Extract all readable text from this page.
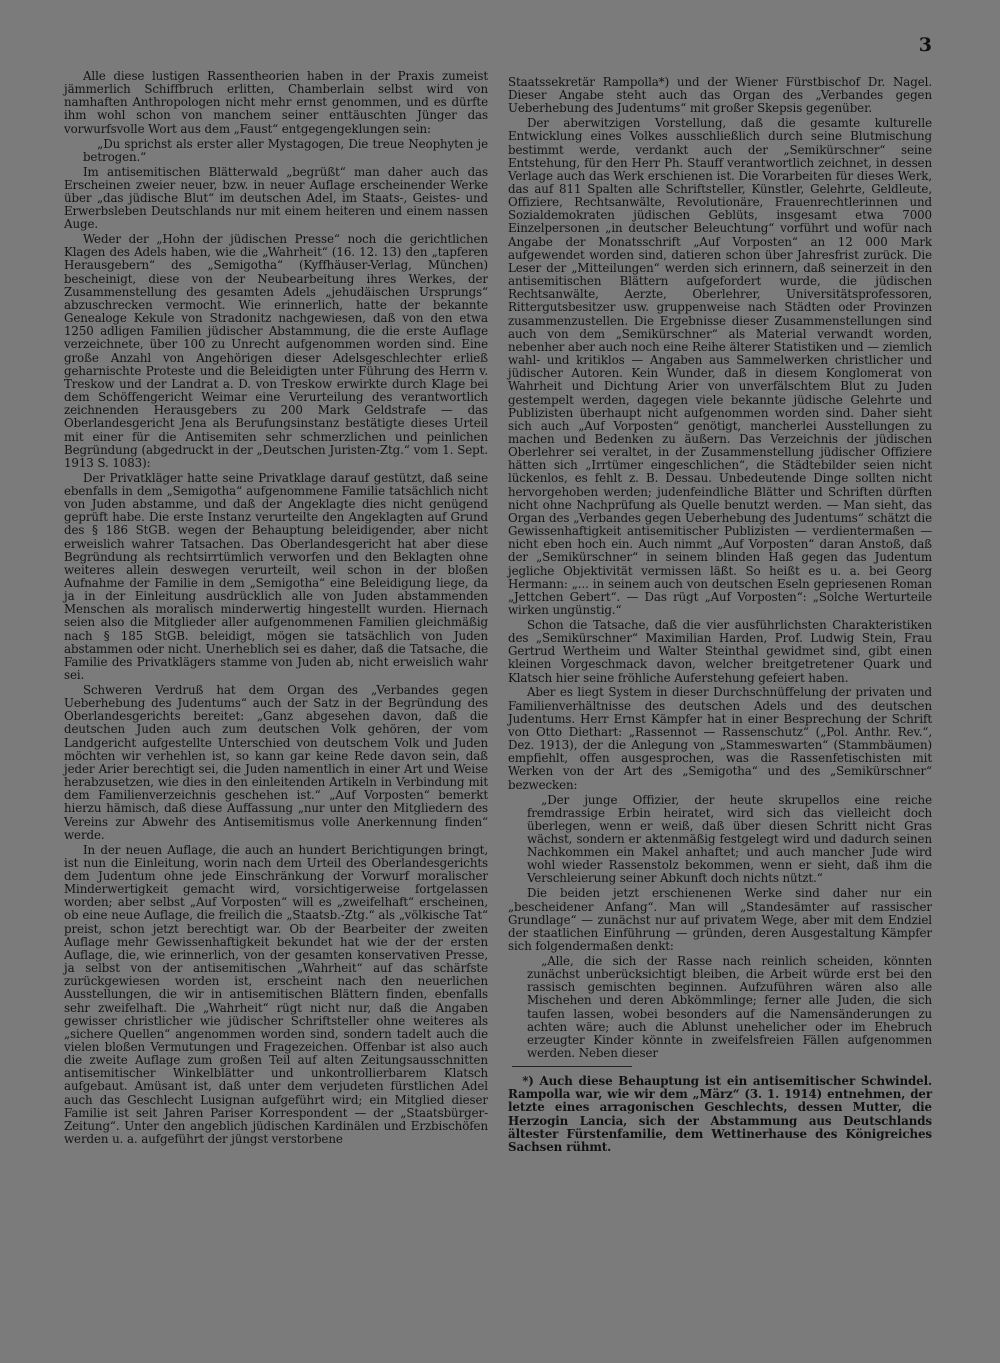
3

Alle diese lustigen Rassentheorien haben in der Praxis zumeist jämmerlich Schiffbruch erlitten, Chamberlain selbst wird von namhaften Anthropologen nicht mehr ernst genommen, und es dürfte ihm wohl schon von manchem seiner enttäuschten Jünger das vorwurfsvolle Wort aus dem „Faust“ entgegengeklungen sein:

„Du sprichst als erster aller Mystagogen, Die treue Neophyten je betrogen.“

Im antisemitischen Blätterwald „begrüßt“ man daher auch das Erscheinen zweier neuer, bzw. in neuer Auflage erscheinender Werke über „das jüdische Blut“ im deutschen Adel, im Staats-, Geistes- und Erwerbsleben Deutschlands nur mit einem heiteren und einem nassen Auge.

Weder der „Hohn der jüdischen Presse“ noch die gerichtlichen Klagen des Adels haben, wie die „Wahrheit“ (16. 12. 13) den „tapferen Herausgebern“ des „Semigotha“ (Kyffhäuser-Verlag, München) bescheinigt, diese von der Neubearbeitung ihres Werkes, der Zusammenstellung des gesamten Adels „jehudäischen Ursprungs“ abzuschrecken vermocht. Wie erinnerlich, hatte der bekannte Genealoge Kekule von Stradonitz nachgewiesen, daß von den etwa 1250 adligen Familien jüdischer Abstammung, die die erste Auflage verzeichnete, über 100 zu Unrecht aufgenommen worden sind. Eine große Anzahl von Angehörigen dieser Adelsgeschlechter erließ geharnischte Proteste und die Beleidigten unter Führung des Herrn v. Treskow und der Landrat a. D. von Treskow erwirkte durch Klage bei dem Schöffengericht Weimar eine Verurteilung des verantwortlich zeichnenden Herausgebers zu 200 Mark Geldstrafe — das Oberlandesgericht Jena als Berufungsinstanz bestätigte dieses Urteil mit einer für die Antisemiten sehr schmerzlichen und peinlichen Begründung (abgedruckt in der „Deutschen Juristen-Ztg.“ vom 1. Sept. 1913 S. 1083):

Der Privatkläger hatte seine Privatklage darauf gestützt, daß seine ebenfalls in dem „Semigotha“ aufgenommene Familie tatsächlich nicht von Juden abstamme, und daß der Angeklagte dies nicht genügend geprüft habe. Die erste Instanz verurteilte den Angeklagten auf Grund des § 186 StGB. wegen der Behauptung beleidigender, aber nicht erweislich wahrer Tatsachen. Das Oberlandesgericht hat aber diese Begründung als rechtsirrtümlich verworfen und den Beklagten ohne weiteres allein deswegen verurteilt, weil schon in der bloßen Aufnahme der Familie in dem „Semigotha“ eine Beleidigung liege, da ja in der Einleitung ausdrücklich alle von Juden abstammenden Menschen als moralisch minderwertig hingestellt wurden. Hiernach seien also die Mitglieder aller aufgenommenen Familien gleichmäßig nach § 185 StGB. beleidigt, mögen sie tatsächlich von Juden abstammen oder nicht. Unerheblich sei es daher, daß die Tatsache, die Familie des Privatklägers stamme von Juden ab, nicht erweislich wahr sei.

Schweren Verdruß hat dem Organ des „Verbandes gegen Ueberhebung des Judentums“ auch der Satz in der Begründung des Oberlandesgerichts bereitet: „Ganz abgesehen davon, daß die deutschen Juden auch zum deutschen Volk gehören, der vom Landgericht aufgestellte Unterschied von deutschem Volk und Juden möchten wir verhehlen ist, so kann gar keine Rede davon sein, daß jeder Arier berechtigt sei, die Juden namentlich in einer Art und Weise herabzusetzen, wie dies in den einleitenden Artikeln in Verbindung mit dem Familienverzeichnis geschehen ist.“ „Auf Vorposten“ bemerkt hierzu hämisch, daß diese Auffassung „nur unter den Mitgliedern des Vereins zur Abwehr des Antisemitismus volle Anerkennung finden“ werde.

In der neuen Auflage, die auch an hundert Berichtigungen bringt, ist nun die Einleitung, worin nach dem Urteil des Oberlandesgerichts dem Judentum ohne jede Einschränkung der Vorwurf moralischer Minderwertigkeit gemacht wird, vorsichtigerweise fortgelassen worden; aber selbst „Auf Vorposten“ will es „zweifelhaft“ erscheinen, ob eine neue Auflage, die freilich die „Staatsb.-Ztg.“ als „völkische Tat“ preist, schon jetzt berechtigt war. Ob der Bearbeiter der zweiten Auflage mehr Gewissenhaftigkeit bekundet hat wie der der ersten Auflage, die, wie erinnerlich, von der gesamten konservativen Presse, ja selbst von der antisemitischen „Wahrheit“ auf das schärfste zurückgewiesen worden ist, erscheint nach den neuerlichen Ausstellungen, die wir in antisemitischen Blättern finden, ebenfalls sehr zweifelhaft. Die „Wahrheit“ rügt nicht nur, daß die Angaben gewisser christlicher wie jüdischer Schriftsteller ohne weiteres als „sichere Quellen“ angenommen worden sind, sondern tadelt auch die vielen bloßen Vermutungen und Fragezeichen. Offenbar ist also auch die zweite Auflage zum großen Teil auf alten Zeitungsausschnitten antisemitischer Winkelblätter und unkontrollierbarem Klatsch aufgebaut. Amüsant ist, daß unter dem verjudeten fürstlichen Adel auch das Geschlecht Lusignan aufgeführt wird; ein Mitglied dieser Familie ist seit Jahren Pariser Korrespondent — der „Staatsbürger-Zeitung“. Unter den angeblich jüdischen Kardinälen und Erzbischöfen werden u. a. aufgeführt der jüngst verstorbene

Staatssekretär Rampolla*) und der Wiener Fürstbischof Dr. Nagel. Dieser Angabe steht auch das Organ des „Verbandes gegen Ueberhebung des Judentums“ mit großer Skepsis gegenüber.

Der aberwitzigen Vorstellung, daß die gesamte kulturelle Entwicklung eines Volkes ausschließlich durch seine Blutmischung bestimmt werde, verdankt auch der „Semikürschner“ seine Entstehung, für den Herr Ph. Stauff verantwortlich zeichnet, in dessen Verlage auch das Werk erschienen ist. Die Vorarbeiten für dieses Werk, das auf 811 Spalten alle Schriftsteller, Künstler, Gelehrte, Geldleute, Offiziere, Rechtsanwälte, Revolutionäre, Frauenrechtlerinnen und Sozialdemokraten jüdischen Geblüts, insgesamt etwa 7000 Einzelpersonen „in deutscher Beleuchtung“ vorführt und wofür nach Angabe der Monatsschrift „Auf Vorposten“ an 12 000 Mark aufgewendet worden sind, datieren schon über Jahresfrist zurück. Die Leser der „Mitteilungen“ werden sich erinnern, daß seinerzeit in den antisemitischen Blättern aufgefordert wurde, die jüdischen Rechtsanwälte, Aerzte, Oberlehrer, Universitätsprofessoren, Rittergutsbesitzer usw. gruppenweise nach Städten oder Provinzen zusammenzustellen. Die Ergebnisse dieser Zusammenstellungen sind auch von dem „Semikürschner“ als Material verwandt worden, nebenher aber auch noch eine Reihe älterer Statistiken und — ziemlich wahl- und kritiklos — Angaben aus Sammelwerken christlicher und jüdischer Autoren. Kein Wunder, daß in diesem Konglomerat von Wahrheit und Dichtung Arier von unverfälschtem Blut zu Juden gestempelt werden, dagegen viele bekannte jüdische Gelehrte und Publizisten überhaupt nicht aufgenommen worden sind. Daher sieht sich auch „Auf Vorposten“ genötigt, mancherlei Ausstellungen zu machen und Bedenken zu äußern. Das Verzeichnis der jüdischen Oberlehrer sei veraltet, in der Zusammenstellung jüdischer Offiziere hätten sich „Irrtümer eingeschlichen“, die Städtebilder seien nicht lückenlos, es fehlt z. B. Dessau. Unbedeutende Dinge sollten nicht hervorgehoben werden; judenfeindliche Blätter und Schriften dürften nicht ohne Nachprüfung als Quelle benutzt werden. — Man sieht, das Organ des „Verbandes gegen Ueberhebung des Judentums“ schätzt die Gewissenhaftigkeit antisemitischer Publizisten — verdientermaßen — nicht eben hoch ein. Auch nimmt „Auf Vorposten“ daran Anstoß, daß der „Semikürschner“ in seinem blinden Haß gegen das Judentum jegliche Objektivität vermissen läßt. So heißt es u. a. bei Georg Hermann: „... in seinem auch von deutschen Eseln gepriesenen Roman „Jettchen Gebert“. — Das rügt „Auf Vorposten“: „Solche Werturteile wirken ungünstig.“

Schon die Tatsache, daß die vier ausführlichsten Charakteristiken des „Semikürschner“ Maximilian Harden, Prof. Ludwig Stein, Frau Gertrud Wertheim und Walter Steinthal gewidmet sind, gibt einen kleinen Vorgeschmack davon, welcher breitgetretener Quark und Klatsch hier seine fröhliche Auferstehung gefeiert haben.

Aber es liegt System in dieser Durchschnüffelung der privaten und Familienverhältnisse des deutschen Adels und des deutschen Judentums. Herr Ernst Kämpfer hat in einer Besprechung der Schrift von Otto Diethart: „Rassennot — Rassenschutz“ („Pol. Anthr. Rev.“, Dez. 1913), der die Anlegung von „Stammeswarten“ (Stammbäumen) empfiehlt, offen ausgesprochen, was die Rassenfetischisten mit Werken von der Art des „Semigotha“ und des „Semikürschner“ bezwecken:

„Der junge Offizier, der heute skrupellos eine reiche fremdrassige Erbin heiratet, wird sich das vielleicht doch überlegen, wenn er weiß, daß über diesen Schritt nicht Gras wächst, sondern er aktenmäßig festgelegt wird und dadurch seinen Nachkommen ein Makel anhaftet; und auch mancher Jude wird wohl wieder Rassenstolz bekommen, wenn er sieht, daß ihm die Verschleierung seiner Abkunft doch nichts nützt.“

Die beiden jetzt erschienenen Werke sind daher nur ein „bescheidener Anfang“. Man will „Standesämter auf rassischer Grundlage“ — zunächst nur auf privatem Wege, aber mit dem Endziel der staatlichen Einführung — gründen, deren Ausgestaltung Kämpfer sich folgendermaßen denkt:

„Alle, die sich der Rasse nach reinlich scheiden, könnten zunächst unberücksichtigt bleiben, die Arbeit würde erst bei den rassisch gemischten beginnen. Aufzuführen wären also alle Mischehen und deren Abkömmlinge; ferner alle Juden, die sich taufen lassen, wobei besonders auf die Namensänderungen zu achten wäre; auch die Ablunst unehelicher oder im Ehebruch erzeugter Kinder könnte in zweifelsfreien Fällen aufgenommen werden. Neben dieser

*) Auch diese Behauptung ist ein antisemitischer Schwindel. Rampolla war, wie wir dem „März“ (3. 1. 1914) entnehmen, der letzte eines arragonischen Geschlechts, dessen Mutter, die Herzogin Lancia, sich der Abstammung aus Deutschlands ältester Fürstenfamilie, dem Wettinerhause des Königreiches Sachsen rühmt.
